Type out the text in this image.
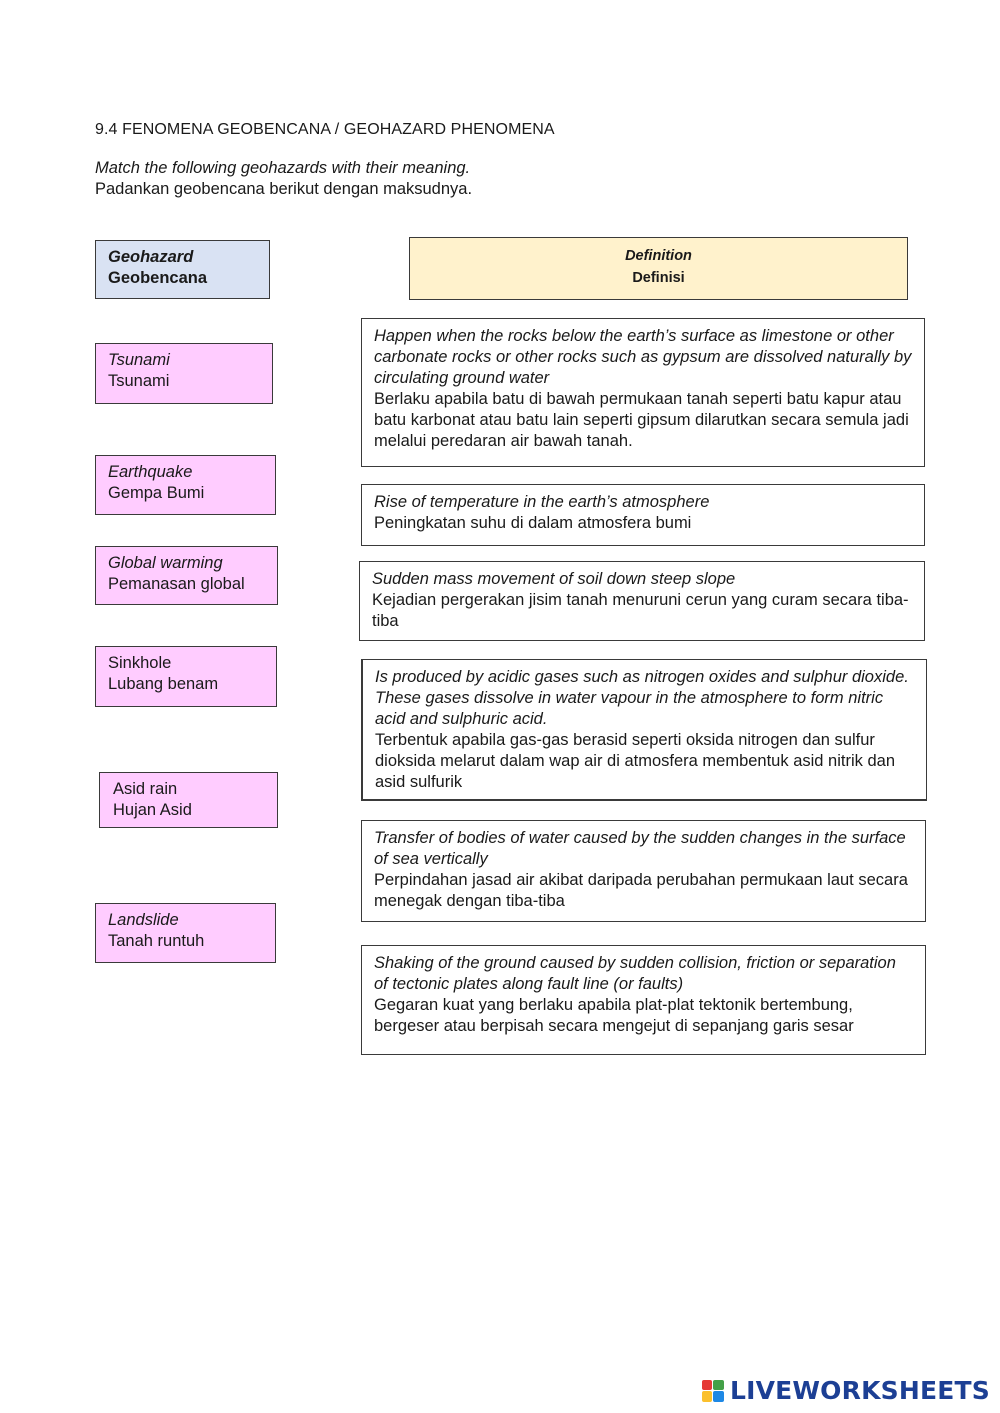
9.4 FENOMENA GEOBENCANA / GEOHAZARD PHENOMENA
Match the following geohazards with their meaning.
Padankan geobencana berikut dengan maksudnya.
Geohazard
Geobencana
Definition
Definisi
Tsunami
Tsunami
Earthquake
Gempa Bumi
Global warming
Pemanasan global
Sinkhole
Lubang benam
Asid rain
Hujan Asid
Landslide
Tanah runtuh
Happen when the rocks below the earth’s surface as limestone or other carbonate rocks or other rocks such as gypsum are dissolved naturally by circulating ground water
Berlaku apabila batu di bawah permukaan tanah seperti batu kapur atau batu karbonat atau batu lain seperti gipsum dilarutkan secara semula jadi melalui peredaran air bawah tanah.
Rise of temperature in the earth’s atmosphere
Peningkatan suhu di dalam atmosfera bumi
Sudden mass movement of soil down steep slope
Kejadian pergerakan jisim tanah menuruni cerun yang curam secara tiba-tiba
Is produced by acidic gases such as nitrogen oxides and sulphur dioxide. These gases dissolve in water vapour in the atmosphere to form nitric acid and sulphuric acid.
Terbentuk apabila gas-gas berasid seperti oksida nitrogen dan sulfur dioksida melarut dalam wap air di atmosfera membentuk asid nitrik dan asid sulfurik
Transfer of bodies of water caused by the sudden changes in the surface of sea vertically
Perpindahan jasad air akibat daripada perubahan permukaan laut secara menegak dengan tiba-tiba
Shaking of the ground caused by sudden collision, friction or separation of tectonic plates along fault line (or faults)
Gegaran kuat yang berlaku apabila plat-plat tektonik bertembung, bergeser atau berpisah secara mengejut di sepanjang garis sesar
LIVEWORKSHEETS
